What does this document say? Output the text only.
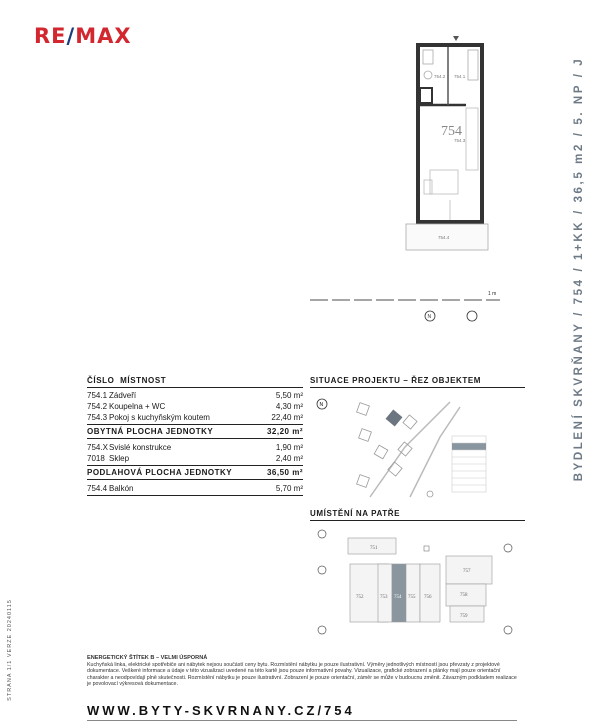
RE/MAX
BYDLENÍ SKVRŇANY / 754 / 1+KK / 36,5 m2 / 5. NP / J
STRANA 1/1 VERZE 20240115
754.2 754.1
754
754.3
754.4
1 m
N
ČÍSLO MÍSTNOST
754.1 Zádveří	5,50 m²
754.2 Koupelna + WC	4,30 m²
754.3 Pokoj s kuchyňským koutem	22,40 m²
OBYTNÁ PLOCHA JEDNOTKY	32,20 m²
754.X Svislé konstrukce	1,90 m²
7018 Sklep	2,40 m²
PODLAHOVÁ PLOCHA JEDNOTKY	36,50 m²
754.4 Balkón	5,70 m²
SITUACE PROJEKTU – ŘEZ OBJEKTEM
N
UMÍSTĚNÍ NA PATŘE
751
752	753 754 755 756
757
758
759
ENERGETICKÝ ŠTÍTEK B – VELMI ÚSPORNÁ
Kuchyňská linka, elektrické spotřebiče ani nábytek nejsou součástí ceny bytu. Rozmístění nábytku je pouze ilustrativní. Výměry jednotlivých místností jsou převzaty z projektové dokumentace. Veškeré informace a údaje v této vizualizaci uvedené na této kartě jsou pouze informativní povahy. Vizualizace, grafické zobrazení a plánky mají pouze orientační charakter a neodpovídají plně skutečnosti. Rozmístění nábytku je pouze ilustrativní. Zobrazení je pouze orientační, záměr se může v budoucnu změnit. Závazným podkladem realizace je povolovací výkresová dokumentace.
WWW.BYTY-SKVRNANY.CZ/754
